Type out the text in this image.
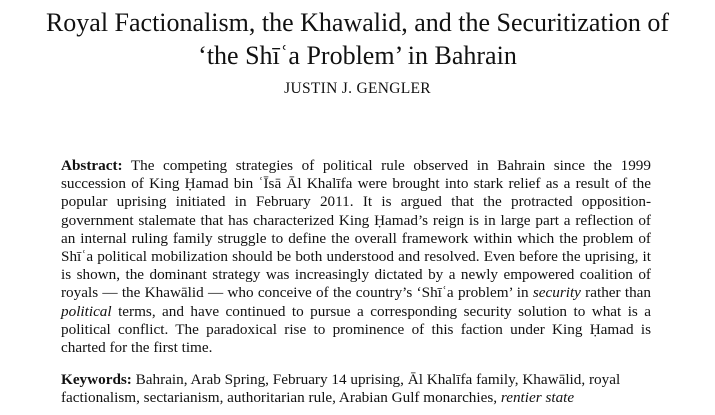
Royal Factionalism, the Khawalid, and the Securitization of
‘the Shīʿa Problem’ in Bahrain
JUSTIN J. GENGLER

Abstract: The competing strategies of political rule observed in Bahrain since the 1999 succession of King Ḥamad bin ʿĪsā Āl Khalīfa were brought into stark relief as a result of the popular uprising initiated in February 2011. It is argued that the protracted opposition-government stalemate that has characterized King Ḥamad’s reign is in large part a reflection of an internal ruling family struggle to define the overall framework within which the problem of Shīʿa political mobilization should be both understood and resolved. Even before the uprising, it is shown, the dominant strategy was increasingly dictated by a newly empowered coalition of royals — the Khawālid — who conceive of the country’s ‘Shīʿa problem’ in security rather than political terms, and have continued to pursue a corresponding security solution to what is a political conflict. The paradoxical rise to prominence of this faction under King Ḥamad is charted for the first time.

Keywords: Bahrain, Arab Spring, February 14 uprising, Āl Khalīfa family, Khawālid, royal factionalism, sectarianism, authoritarian rule, Arabian Gulf monarchies, rentier state
